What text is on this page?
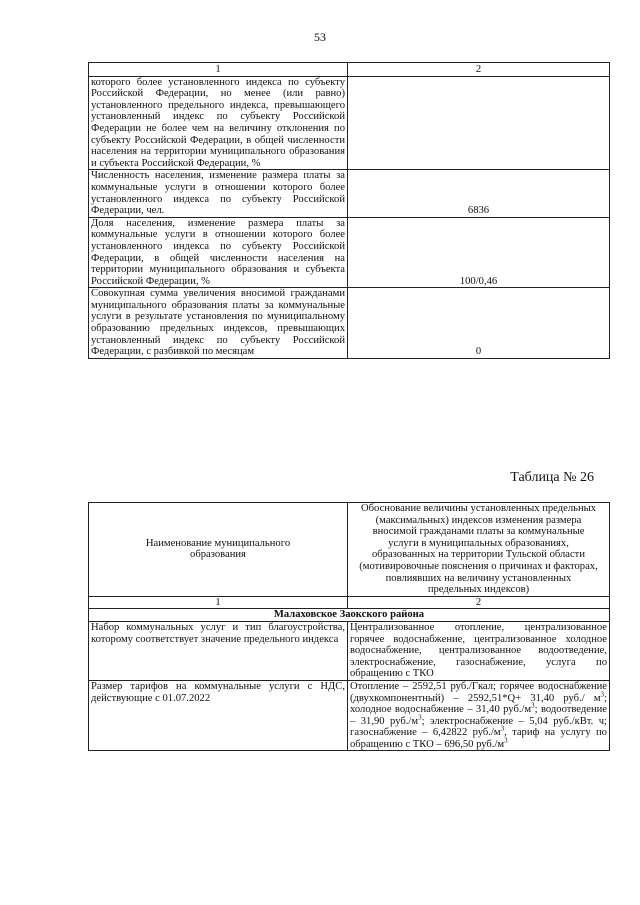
53
1	2
которого более установленного индекса по субъекту Российской Федерации, но менее (или равно) установленного предельного индекса, превышающего установленный индекс по субъекту Российской Федерации не более чем на величину отклонения по субъекту Российской Федерации, в общей численности населения на территории муниципального образования и субъекта Российской Федерации, %	
Численность населения, изменение размера платы за коммунальные услуги в отношении которого более установленного индекса по субъекту Российской Федерации, чел.	6836
Доля населения, изменение размера платы за коммунальные услуги в отношении которого более установленного индекса по субъекту Российской Федерации, в общей численности населения на территории муниципального образования и субъекта Российской Федерации, %	100/0,46
Совокупная сумма увеличения вносимой гражданами муниципального образования платы за коммунальные услуги в результате установления по муниципальному образованию предельных индексов, превышающих установленный индекс по субъекту Российской Федерации, с разбивкой по месяцам	0
Таблица № 26
Наименование муниципального образования	Обоснование величины установленных предельных (максимальных) индексов изменения размера вносимой гражданами платы за коммунальные услуги в муниципальных образованиях, образованных на территории Тульской области (мотивировочные пояснения о причинах и факторах, повлиявших на величину установленных предельных индексов)
1	2
Малаховское Заокского района	
Набор коммунальных услуг и тип благоустройства, которому соответствует значение предельного индекса	Централизованное отопление, централизованное горячее водоснабжение, централизованное холодное водоснабжение, централизованное водоотведение, электроснабжение, газоснабжение, услуга по обращению с ТКО
Размер тарифов на коммунальные услуги с НДС, действующие с 01.07.2022	Отопление – 2592,51 руб./Гкал; горячее водоснабжение (двухкомпонентный) – 2592,51*Q+ 31,40 руб./ $м^3$; холодное водоснабжение – 31,40 $руб./м^3$; водоотведение – 31,90 $руб./м^3$; электроснабжение – 5,04 руб./кВт. ч; газоснабжение – 6,42822 $руб./м^3$, тариф на услугу по обращению с ТКО – 696,50 $руб./м^3$
